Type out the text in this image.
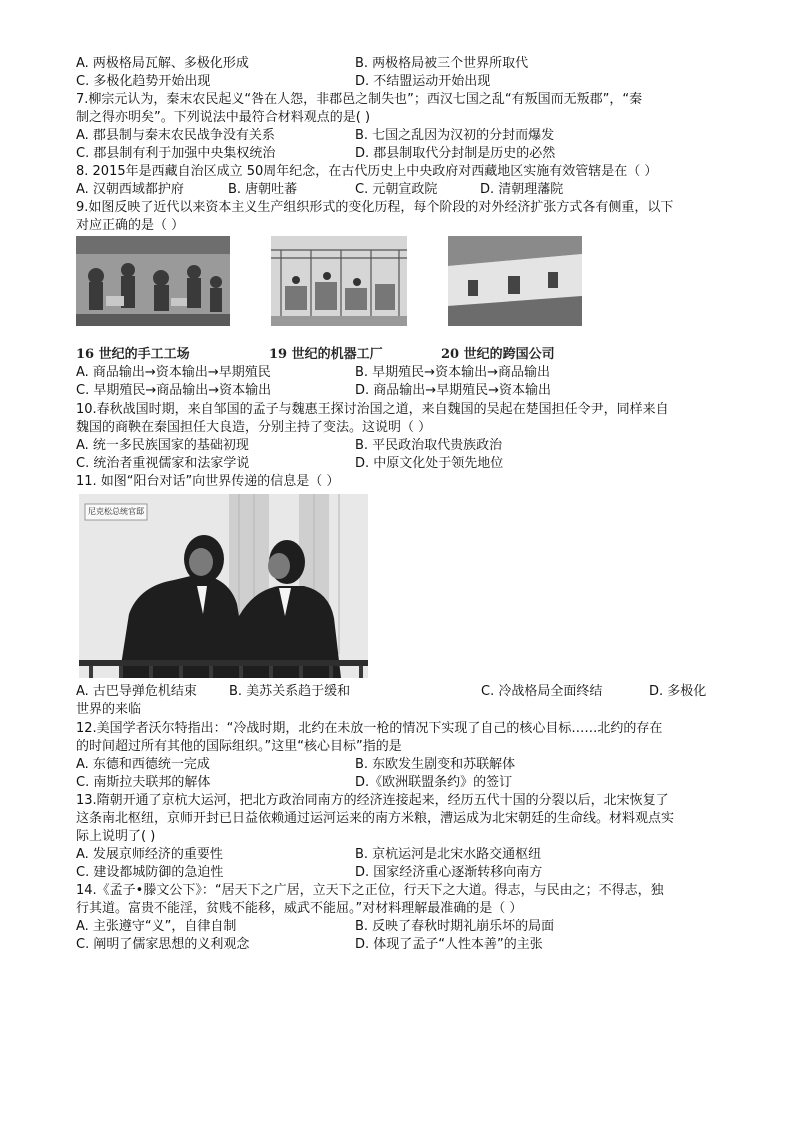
A. 两极格局瓦解、多极化形成	B. 两极格局被三个世界所取代
C. 多极化趋势开始出现	D. 不结盟运动开始出现
7.柳宗元认为，秦末农民起义“咎在人怨，非郡邑之制失也”；西汉七国之乱“有叛国而无叛郡”，“秦
制之得亦明矣”。下列说法中最符合材料观点的是( )
A. 郡县制与秦末农民战争没有关系	B. 七国之乱因为汉初的分封而爆发
C. 郡县制有利于加强中央集权统治	D. 郡县制取代分封制是历史的必然
8. 2015年是西藏自治区成立 50周年纪念，在古代历史上中央政府对西藏地区实施有效管辖是在（ ）
A. 汉朝西域都护府	B. 唐朝吐蕃	C. 元朝宣政院	D. 清朝理藩院
9.如图反映了近代以来资本主义生产组织形式的变化历程，每个阶段的对外经济扩张方式各有侧重，以下
对应正确的是（ ）
16 世纪的手工工场	19 世纪的机器工厂	20 世纪的跨国公司
A. 商品输出→资本输出→早期殖民	B. 早期殖民→资本输出→商品输出
C. 早期殖民→商品输出→资本输出	D. 商品输出→早期殖民→资本输出
10.春秋战国时期，来自邹国的孟子与魏惠王探讨治国之道，来自魏国的吴起在楚国担任令尹，同样来自
魏国的商鞅在秦国担任大良造，分别主持了变法。这说明（ ）
A. 统一多民族国家的基础初现	B. 平民政治取代贵族政治
C. 统治者重视儒家和法家学说	D. 中原文化处于领先地位
11. 如图“阳台对话”向世界传递的信息是（ ）
尼克松总统官邸
A. 古巴导弹危机结束 B. 美苏关系趋于缓和	C. 冷战格局全面终结	D. 多极化
世界的来临
12.美国学者沃尔特指出：“冷战时期，北约在未放一枪的情况下实现了自己的核心目标……北约的存在
的时间超过所有其他的国际组织。”这里“核心目标”指的是
A. 东德和西德统一完成	B. 东欧发生剧变和苏联解体
C. 南斯拉夫联邦的解体	D.《欧洲联盟条约》的签订
13.隋朝开通了京杭大运河，把北方政治同南方的经济连接起来，经历五代十国的分裂以后，北宋恢复了
这条南北枢纽，京师开封已日益依赖通过运河运来的南方米粮，漕运成为北宋朝廷的生命线。材料观点实
际上说明了( )
A. 发展京师经济的重要性	B. 京杭运河是北宋水路交通枢纽
C. 建设都城防御的急迫性	D. 国家经济重心逐渐转移向南方
14.《孟子•滕文公下》：“居天下之广居，立天下之正位，行天下之大道。得志，与民由之；不得志，独
行其道。富贵不能淫，贫贱不能移，威武不能屈。”对材料理解最准确的是（ ）
A. 主张遵守“义”，自律自制	B. 反映了春秋时期礼崩乐坏的局面
C. 阐明了儒家思想的义利观念	D. 体现了孟子“人性本善”的主张
